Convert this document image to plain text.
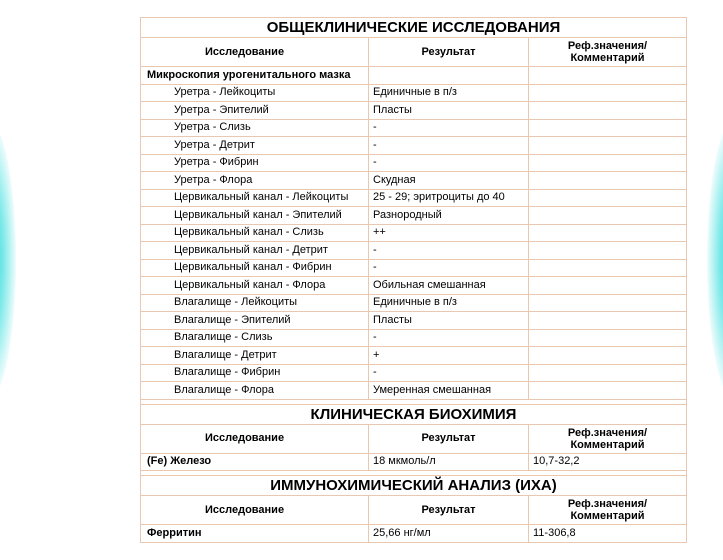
ОБЩЕКЛИНИЧЕСКИЕ ИССЛЕДОВАНИЯ		
Исследование	Результат	Реф.значения/ Комментарий
Микроскопия урогенитального мазка		
Уретра - Лейкоциты	Единичные в п/з	
Уретра - Эпителий	Пласты	
Уретра - Слизь	-	
Уретра - Детрит	-	
Уретра - Фибрин	-	
Уретра - Флора	Скудная	
Цервикальный канал - Лейкоциты	25 - 29; эритроциты до 40	
Цервикальный канал - Эпителий	Разнородный	
Цервикальный канал - Слизь	++	
Цервикальный канал - Детрит	-	
Цервикальный канал - Фибрин	-	
Цервикальный канал - Флора	Обильная смешанная	
Влагалище - Лейкоциты	Единичные в п/з	
Влагалище - Эпителий	Пласты	
Влагалище - Слизь	-	
Влагалище - Детрит	+	
Влагалище - Фибрин	-	
Влагалище - Флора	Умеренная смешанная	

КЛИНИЧЕСКАЯ БИОХИМИЯ		
Исследование	Результат	Реф.значения/ Комментарий
(Fe) Железо	18 мкмоль/л	10,7-32,2

ИММУНОХИМИЧЕСКИЙ АНАЛИЗ (ИХА)		
Исследование	Результат	Реф.значения/ Комментарий
Ферритин	25,66 нг/мл	11-306,8
